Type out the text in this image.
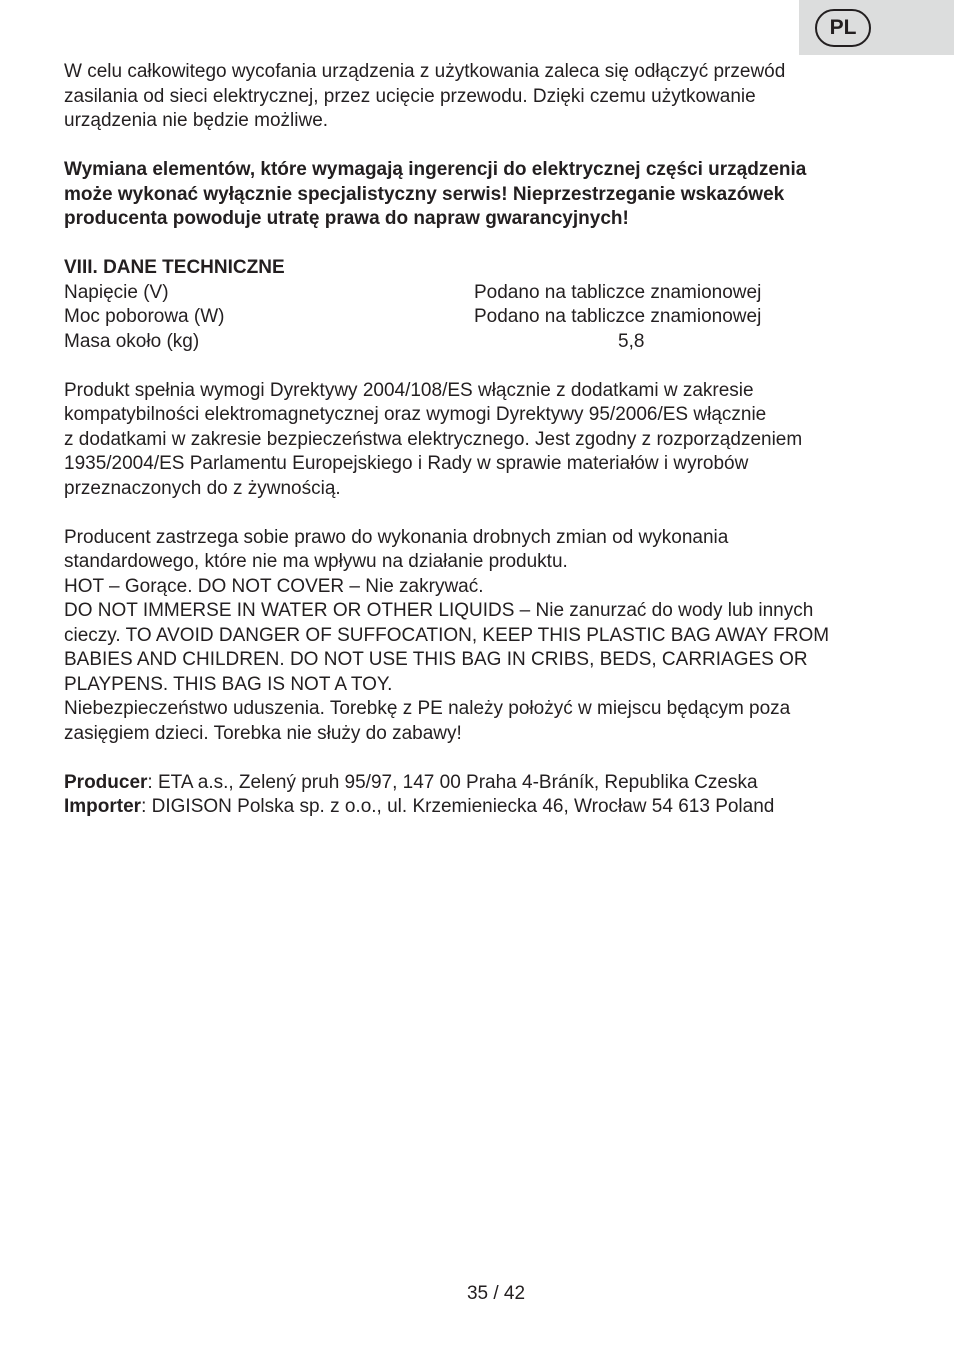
PL

W celu całkowitego wycofania urządzenia z użytkowania zaleca się odłączyć przewód

zasilania od sieci elektrycznej, przez ucięcie przewodu. Dzięki czemu użytkowanie

urządzenia nie będzie możliwe.

Wymiana elementów, które wymagają ingerencji do elektrycznej części urządzenia

może wykonać wyłącznie specjalistyczny serwis! Nieprzestrzeganie wskazówek

producenta powoduje utratę prawa do napraw gwarancyjnych!

VIII. DANE TECHNICZNE

Napięcie (V)	Podano na tabliczce znamionowej
Moc poborowa (W)	Podano na tabliczce znamionowej
Masa około (kg)	5,8

Produkt spełnia wymogi Dyrektywy 2004/108/ES włącznie z dodatkami w zakresie

kompatybilności elektromagnetycznej oraz wymogi Dyrektywy 95/2006/ES włącznie

z dodatkami w zakresie bezpieczeństwa elektrycznego. Jest zgodny z rozporządzeniem

1935/2004/ES Parlamentu Europejskiego i Rady w sprawie materiałów i wyrobów

przeznaczonych do z żywnością.

Producent zastrzega sobie prawo do wykonania drobnych zmian od wykonania

standardowego, które nie ma wpływu na działanie produktu.

HOT – Gorące. DO NOT COVER – Nie zakrywać.

DO NOT IMMERSE IN WATER OR OTHER LIQUIDS – Nie zanurzać do wody lub innych

cieczy. TO AVOID DANGER OF SUFFOCATION, KEEP THIS PLASTIC BAG AWAY FROM

BABIES AND CHILDREN. DO NOT USE THIS BAG IN CRIBS, BEDS, CARRIAGES OR

PLAYPENS. THIS BAG IS NOT A TOY.

Niebezpieczeństwo uduszenia. Torebkę z PE należy położyć w miejscu będącym poza

zasięgiem dzieci. Torebka nie służy do zabawy!

Producer: ETA a.s., Zelený pruh 95/97, 147 00 Praha 4-Bráník, Republika Czeska

Importer: DIGISON Polska sp. z o.o., ul. Krzemieniecka 46, Wrocław 54 613 Poland

35 / 42
